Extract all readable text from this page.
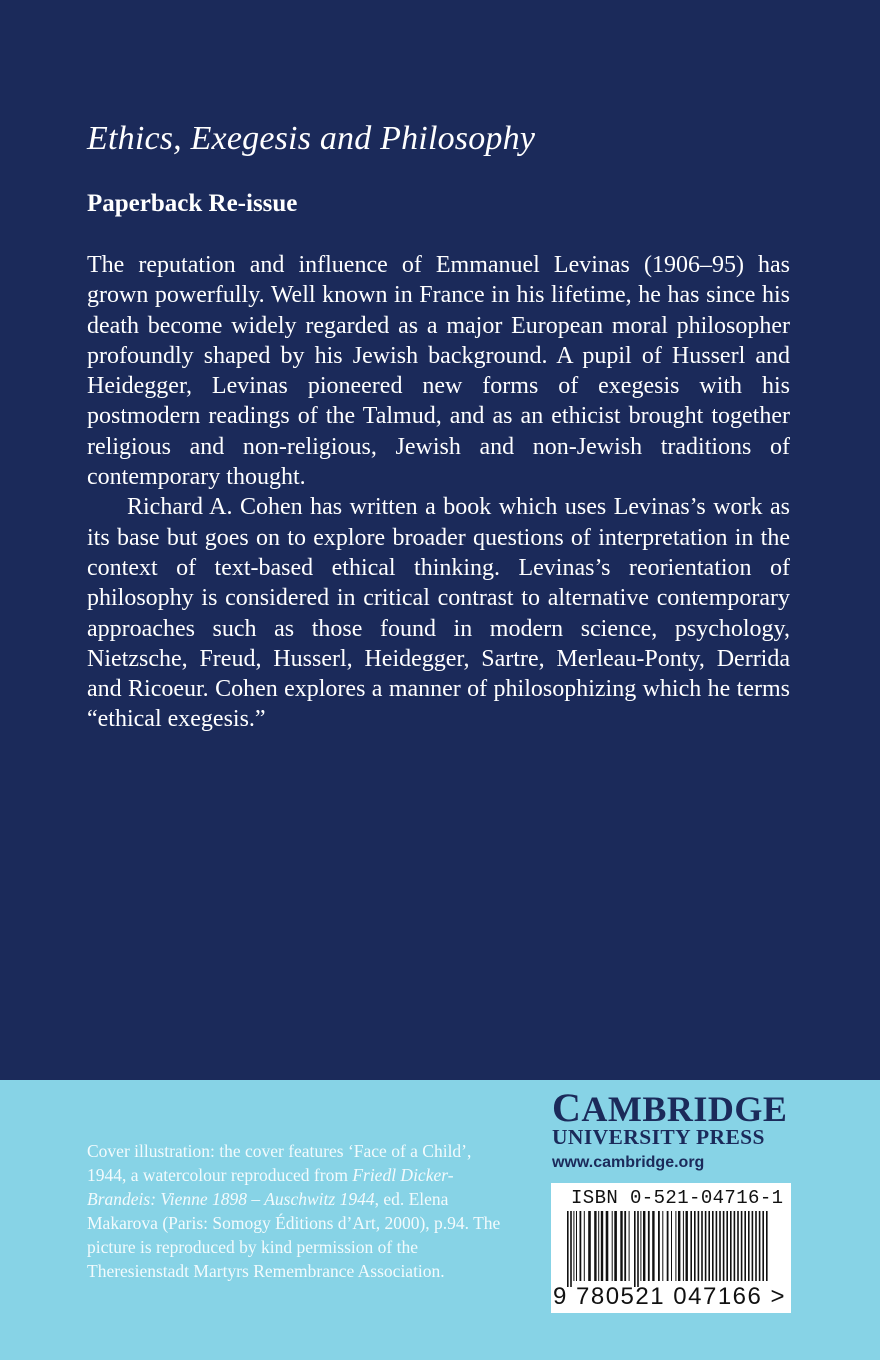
Ethics, Exegesis and Philosophy
Paperback Re-issue

The reputation and influence of Emmanuel Levinas (1906–95) has grown powerfully. Well known in France in his lifetime, he has since his death become widely regarded as a major European moral philosopher profoundly shaped by his Jewish background. A pupil of Husserl and Heidegger, Levinas pioneered new forms of exegesis with his postmodern readings of the Talmud, and as an ethicist brought together religious and non-religious, Jewish and non-Jewish traditions of contemporary thought.

Richard A. Cohen has written a book which uses Levinas’s work as its base but goes on to explore broader questions of interpretation in the context of text-based ethical thinking. Levinas’s reorientation of philosophy is considered in critical contrast to alternative contemporary approaches such as those found in modern science, psychology, Nietzsche, Freud, Husserl, Heidegger, Sartre, Merleau-Ponty, Derrida and Ricoeur. Cohen explores a manner of philosophizing which he terms “ethical exegesis.”

Cover illustration: the cover features ‘Face of a Child’, 1944, a watercolour reproduced from Friedl Dicker-Brandeis: Vienne 1898 – Auschwitz 1944, ed. Elena Makarova (Paris: Somogy Éditions d’Art, 2000), p.94. The picture is reproduced by kind permission of the Theresienstadt Martyrs Remembrance Association.
CAMBRIDGE
UNIVERSITY PRESS
www.cambridge.org
ISBN 0-521-04716-1
9 780521 047166 >
